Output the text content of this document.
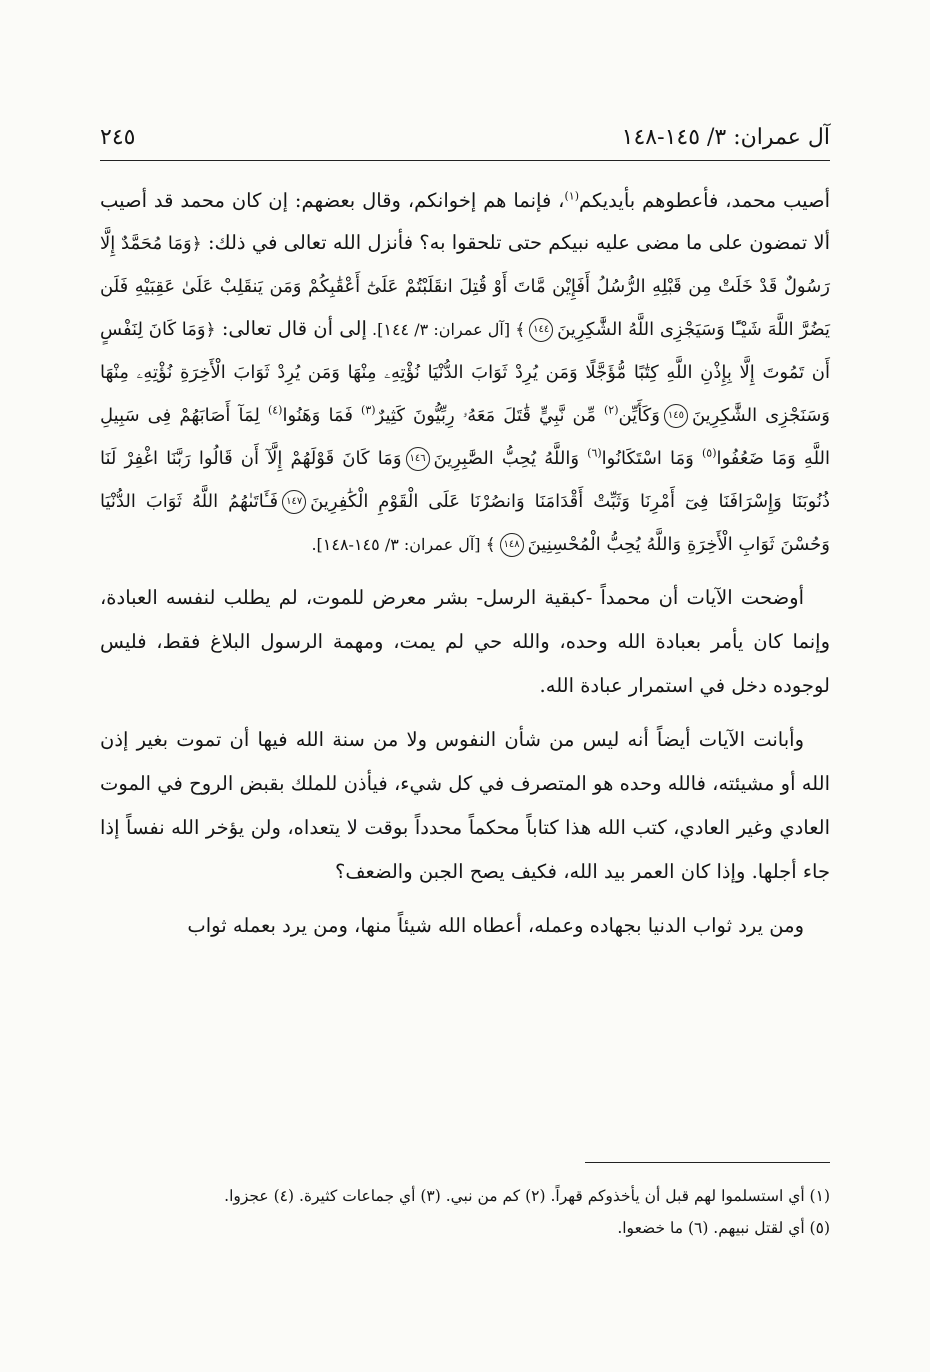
آل عمران: ٣/ ١٤٥-١٤٨
٢٤٥

أصيب محمد، فأعطوهم بأيديكم$^{(١)}$، فإنما هم إخوانكم، وقال بعضهم: إن كان محمد قد أصيب ألا تمضون على ما مضى عليه نبيكم حتى تلحقوا به؟ فأنزل الله تعالى في ذلك: ﴿وَمَا مُحَمَّدٌ إِلَّا رَسُولٌ قَدْ خَلَتْ مِن قَبْلِهِ الرُّسُلُ أَفَإِيْن مَّاتَ أَوْ قُتِلَ انقَلَبْتُمْ عَلَىٰٓ أَعْقَٰبِكُمْ وَمَن يَنقَلِبْ عَلَىٰ عَقِبَيْهِ فَلَن يَضُرَّ اللَّهَ شَيْـًٔا وَسَيَجْزِى اللَّهُ الشَّٰكِرِينَ١٤٤﴾ [آل عمران: ٣/ ١٤٤]. إلى أن قال تعالى: ﴿وَمَا كَانَ لِنَفْسٍ أَن تَمُوتَ إِلَّا بِإِذْنِ اللَّهِ كِتَٰبًا مُّؤَجَّلًا وَمَن يُرِدْ ثَوَابَ الدُّنْيَا نُؤْتِهِۦ مِنْهَا وَمَن يُرِدْ ثَوَابَ الْأَخِرَةِ نُؤْتِهِۦ مِنْهَا وَسَنَجْزِى الشَّٰكِرِينَ١٤٥وَكَأَيِّن$^{(٢)}$ مِّن نَّبِيٍّ قَٰتَلَ مَعَهُۥ رِبِّيُّونَ كَثِيرٌ$^{(٣)}$ فَمَا وَهَنُوا$^{(٤)}$ لِمَآ أَصَابَهُمْ فِى سَبِيلِ اللَّهِ وَمَا ضَعُفُوا$^{(٥)}$ وَمَا اسْتَكَانُوا$^{(٦)}$ وَاللَّهُ يُحِبُّ الصَّٰبِرِينَ١٤٦وَمَا كَانَ قَوْلَهُمْ إِلَّآ أَن قَالُوا رَبَّنَا اغْفِرْ لَنَا ذُنُوبَنَا وَإِسْرَافَنَا فِىٓ أَمْرِنَا وَثَبِّتْ أَقْدَامَنَا وَانصُرْنَا عَلَى الْقَوْمِ الْكَٰفِرِينَ١٤٧فَـَٔاتَىٰهُمُ اللَّهُ ثَوَابَ الدُّنْيَا وَحُسْنَ ثَوَابِ الْأَخِرَةِ وَاللَّهُ يُحِبُّ الْمُحْسِنِينَ١٤٨﴾ [آل عمران: ٣/ ١٤٥-١٤٨].

أوضحت الآيات أن محمداً -كبقية الرسل- بشر معرض للموت، لم يطلب لنفسه العبادة، وإنما كان يأمر بعبادة الله وحده، والله حي لم يمت، ومهمة الرسول البلاغ فقط، فليس لوجوده دخل في استمرار عبادة الله.

وأبانت الآيات أيضاً أنه ليس من شأن النفوس ولا من سنة الله فيها أن تموت بغير إذن الله أو مشيئته، فالله وحده هو المتصرف في كل شيء، فيأذن للملك بقبض الروح في الموت العادي وغير العادي، كتب الله هذا كتاباً محكماً محدداً بوقت لا يتعداه، ولن يؤخر الله نفساً إذا جاء أجلها. وإذا كان العمر بيد الله، فكيف يصح الجبن والضعف؟

ومن يرد ثواب الدنيا بجهاده وعمله، أعطاه الله شيئاً منها، ومن يرد بعمله ثواب

(١) أي استسلموا لهم قبل أن يأخذوكم قهراً. (٢) كم من نبي. (٣) أي جماعات كثيرة. (٤) عجزوا.

(٥) أي لقتل نبيهم. (٦) ما خضعوا.
